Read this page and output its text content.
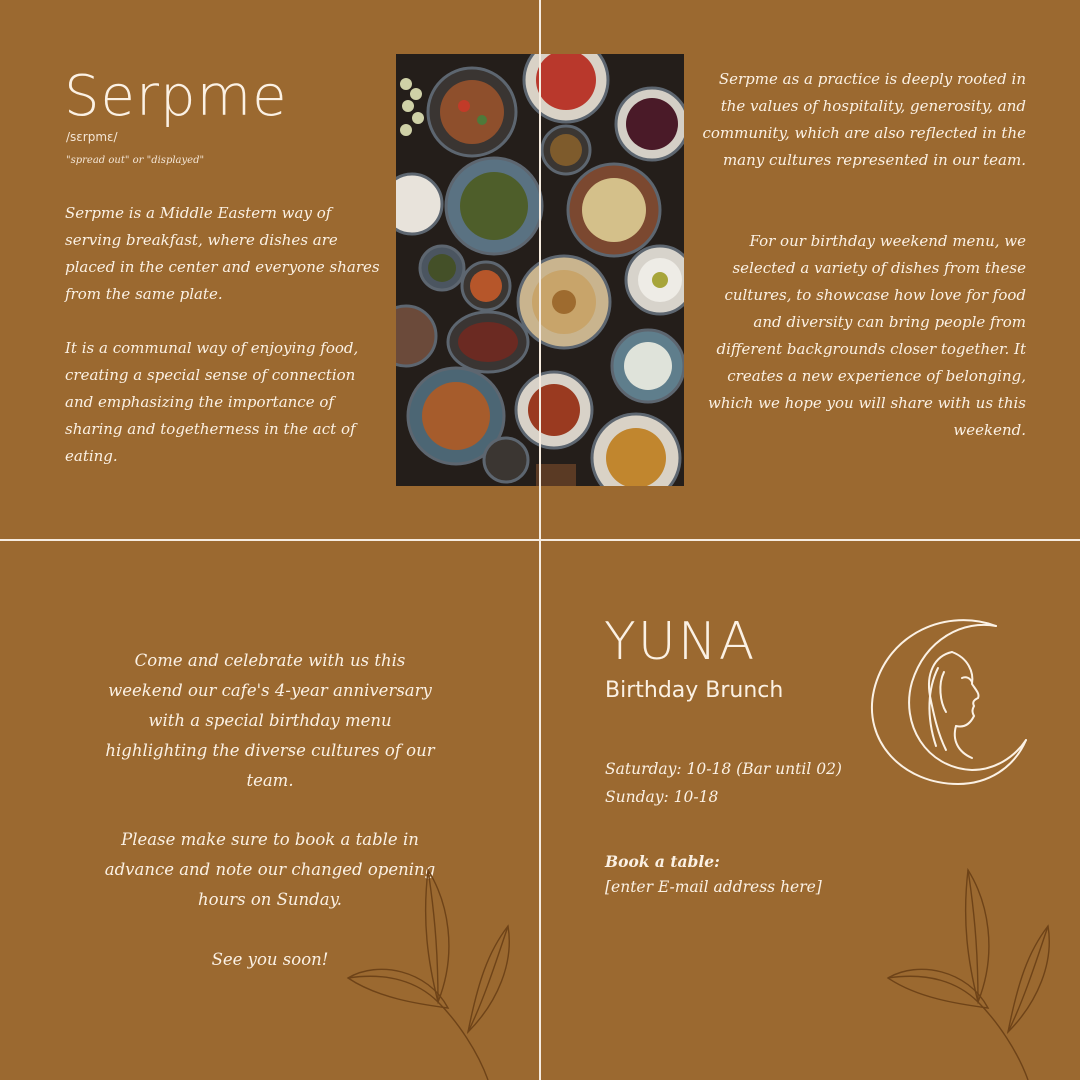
Serpme
/sɛrpmɛ/
"spread out" or "displayed"

Serpme is a Middle Eastern way of serving breakfast, where dishes are placed in the center and everyone shares from the same plate.

It is a communal way of enjoying food, creating a special sense of connection and emphasizing the importance of sharing and togetherness in the act of eating.

Serpme as a practice is deeply rooted in the values of hospitality, generosity, and community, which are also reflected in the many cultures represented in our team.

For our birthday weekend menu, we selected a variety of dishes from these cultures, to showcase how love for food and diversity can bring people from different backgrounds closer together. It creates a new experience of belonging, which we hope you will share with us this weekend.

Come and celebrate with us this weekend our cafe's 4-year anniversary with a special birthday menu highlighting the diverse cultures of our team.

Please make sure to book a table in advance and note our changed opening hours on Sunday.

See you soon!

YUNA
Birthday Brunch
Saturday: 10-18 (Bar until 02)
Sunday: 10-18
Book a table:
[enter E-mail address here]
